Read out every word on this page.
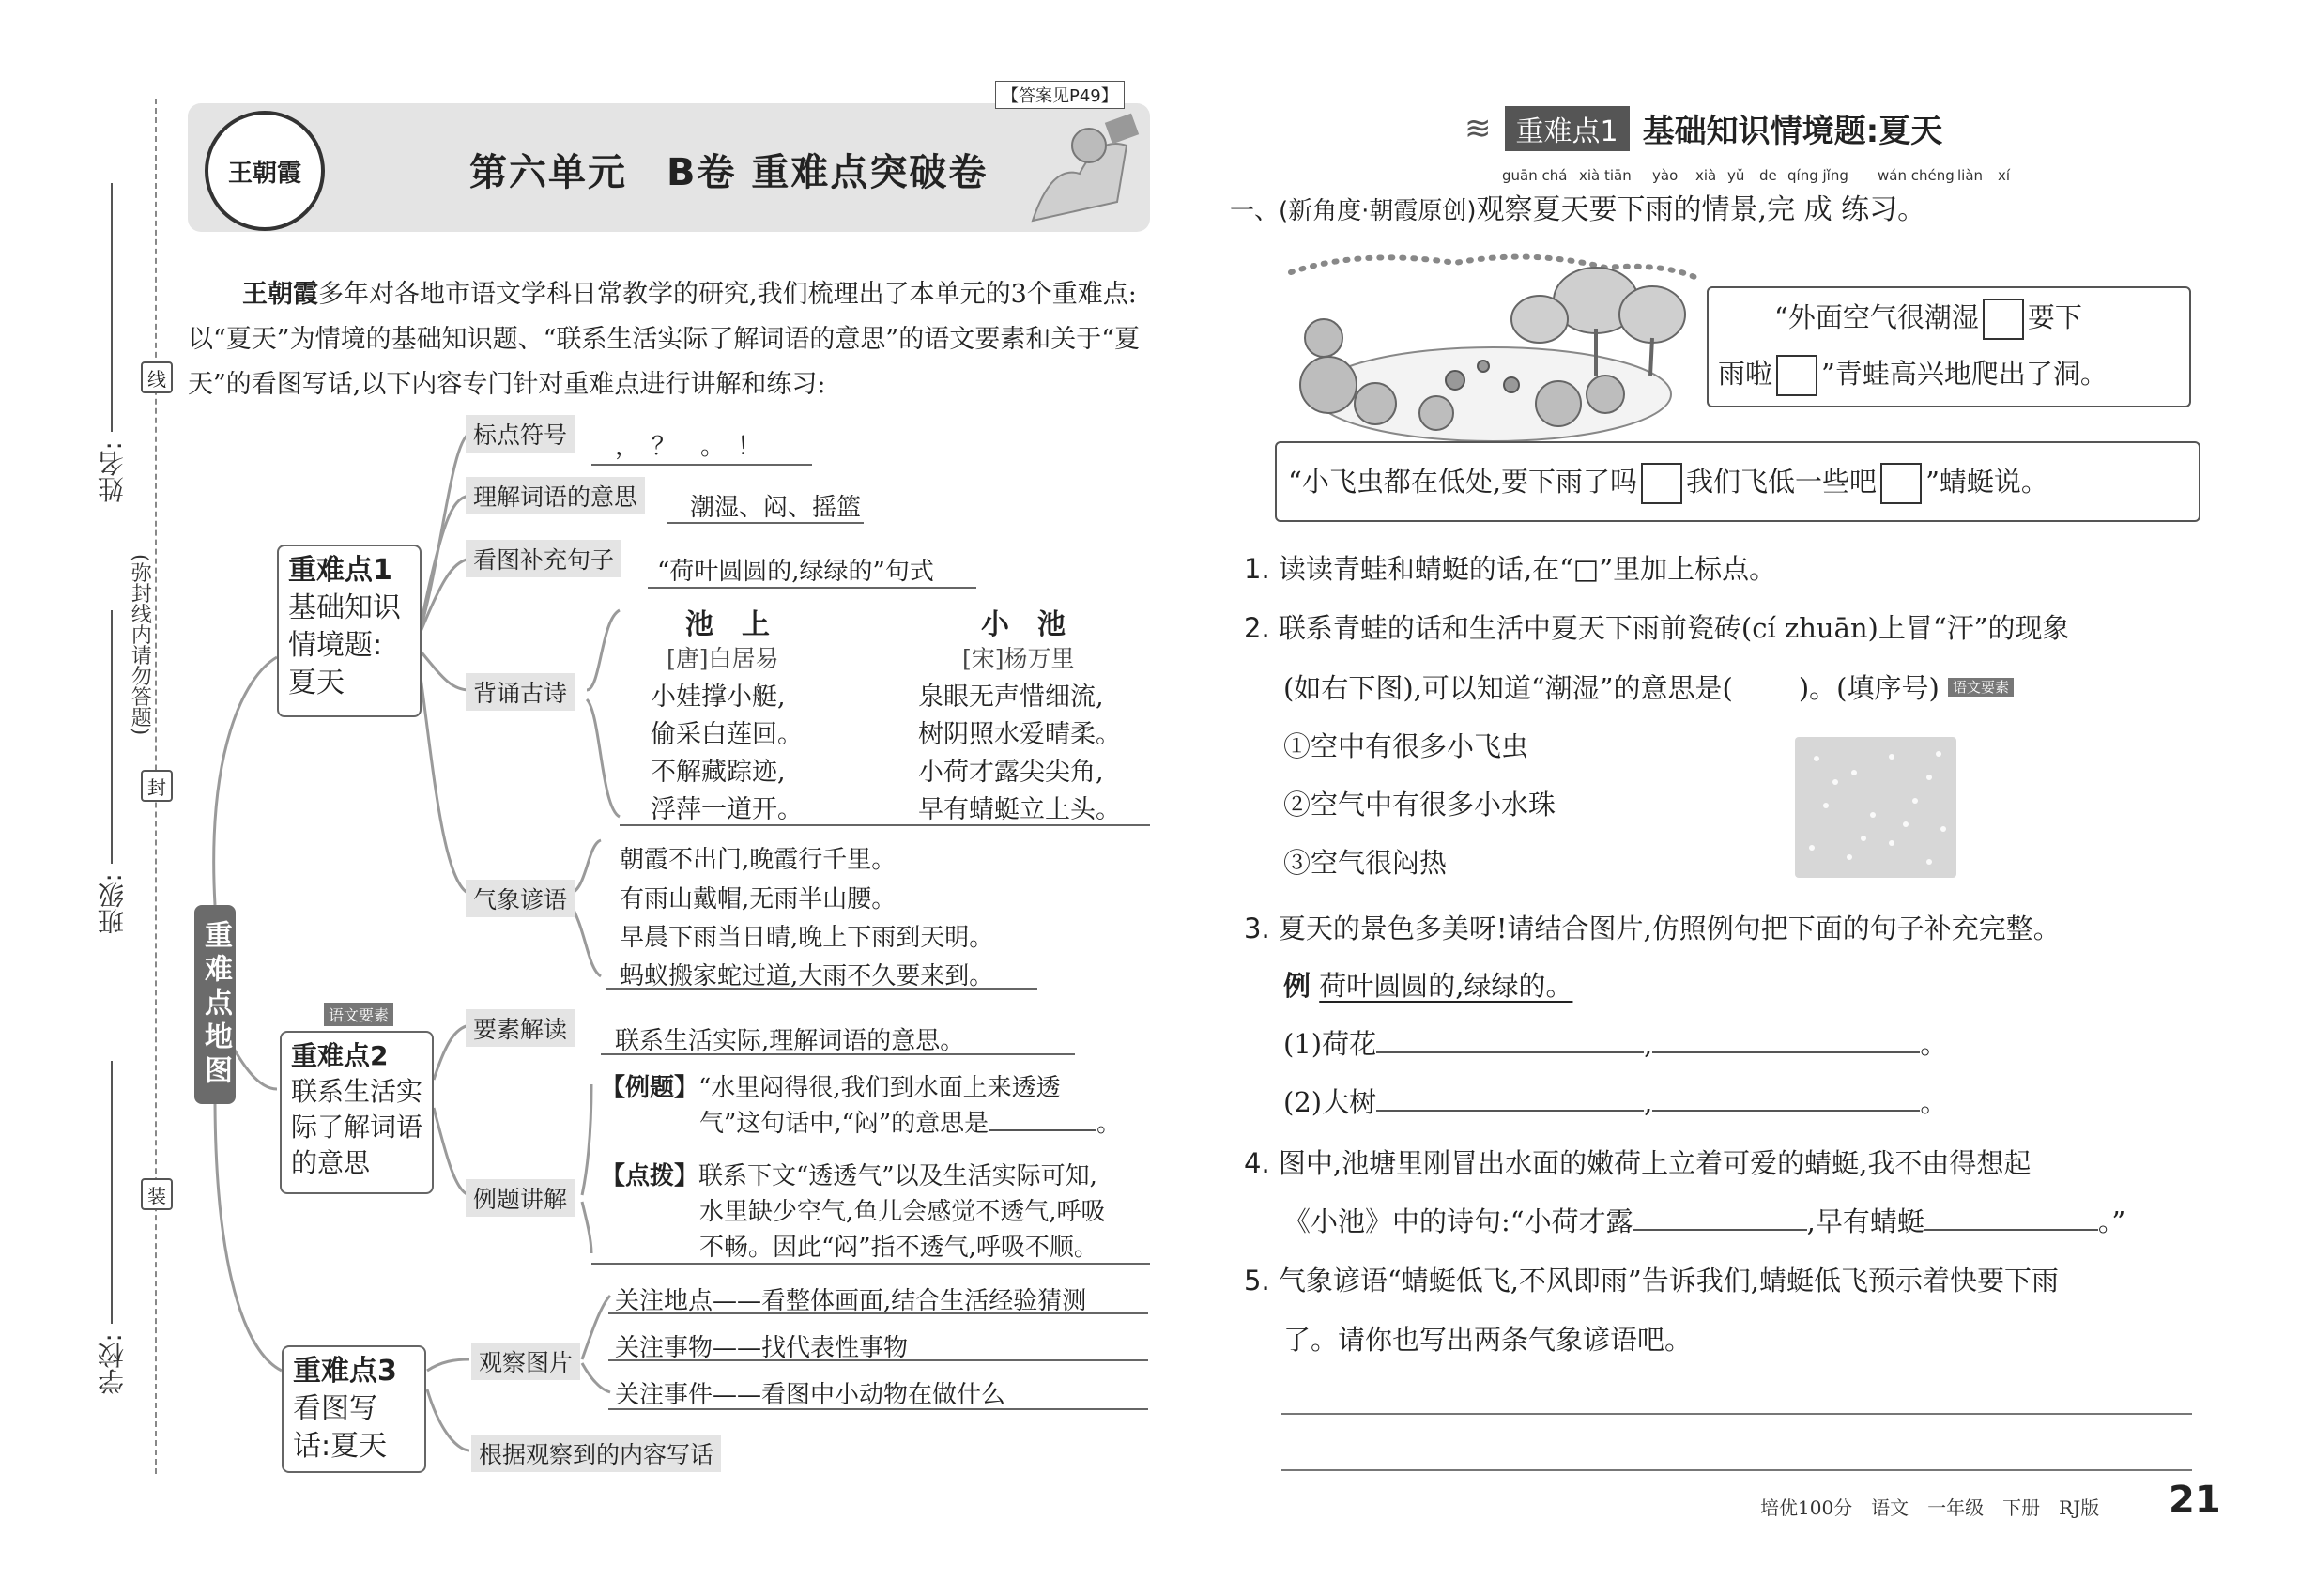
姓名:
班级:
学校:
线
封
装
(弥封线内请勿答题)
王朝霞	第六单元　B卷 重难点突破卷
【答案见P49】
王朝霞多年对各地市语文学科日常教学的研究,我们梳理出了本单元的3个重难点:以“夏天”为情境的基础知识题、“联系生活实际了解词语的意思”的语文要素和关于“夏天”的看图写话,以下内容专门针对重难点进行讲解和练习:
重难点地图
重难点1
基础知识情境题:夏天
语文要素
重难点2
联系生活实际了解词语的意思
重难点3
看图写话:夏天
标点符号	，　？　。　！
理解词语的意思	潮湿、闷、摇篮
看图补充句子	“荷叶圆圆的,绿绿的”句式
背诵古诗
池　上
[唐]白居易
小娃撑小艇,
偷采白莲回。
不解藏踪迹,
浮萍一道开。
小　池
[宋]杨万里
泉眼无声惜细流,
树阴照水爱晴柔。
小荷才露尖尖角,
早有蜻蜓立上头。
气象谚语
朝霞不出门,晚霞行千里。
有雨山戴帽,无雨半山腰。
早晨下雨当日晴,晚上下雨到天明。
蚂蚁搬家蛇过道,大雨不久要来到。
要素解读	联系生活实际,理解词语的意思。
例题讲解
【例题】“水里闷得很,我们到水面上来透透
气”这句话中,“闷”的意思是	。
【点拨】联系下文“透透气”以及生活实际可知,
水里缺少空气,鱼儿会感觉不透气,呼吸
不畅。因此“闷”指不透气,呼吸不顺。
观察图片
关注地点——看整体画面,结合生活经验猜测
关注事物——找代表性事物
关注事件——看图中小动物在做什么
根据观察到的内容写话
≋ 重难点1 基础知识情境题:夏天
guān chá xià tiān yào xià yǔ de qíng jǐng wán chéng liàn xí
一、(新角度·朝霞原创)观察夏天要下雨的情景,完 成 练习。
“外面空气很潮湿 要下
雨啦 ”青蛙高兴地爬出了洞。
“小飞虫都在低处,要下雨了吗 我们飞低一些吧 ”蜻蜓说。
1. 读读青蛙和蜻蜓的话,在“□”里加上标点。
2. 联系青蛙的话和生活中夏天下雨前瓷砖(cí zhuān)上冒“汗”的现象
(如右下图),可以知道“潮湿”的意思是( )。(填序号) $^{语文要素}$
①空中有很多小飞虫
②空气中有很多小水珠
③空气很闷热
3. 夏天的景色多美呀!请结合图片,仿照例句把下面的句子补充完整。
例 荷叶圆圆的,绿绿的。
(1)荷花	,	。
(2)大树	,	。
4. 图中,池塘里刚冒出水面的嫩荷上立着可爱的蜻蜓,我不由得想起
《小池》中的诗句:“小荷才露	,早有蜻蜓	。”
5. 气象谚语“蜻蜓低飞,不风即雨”告诉我们,蜻蜓低飞预示着快要下雨
了。请你也写出两条气象谚语吧。
培优100分　语文　一年级　下册　RJ版 21
